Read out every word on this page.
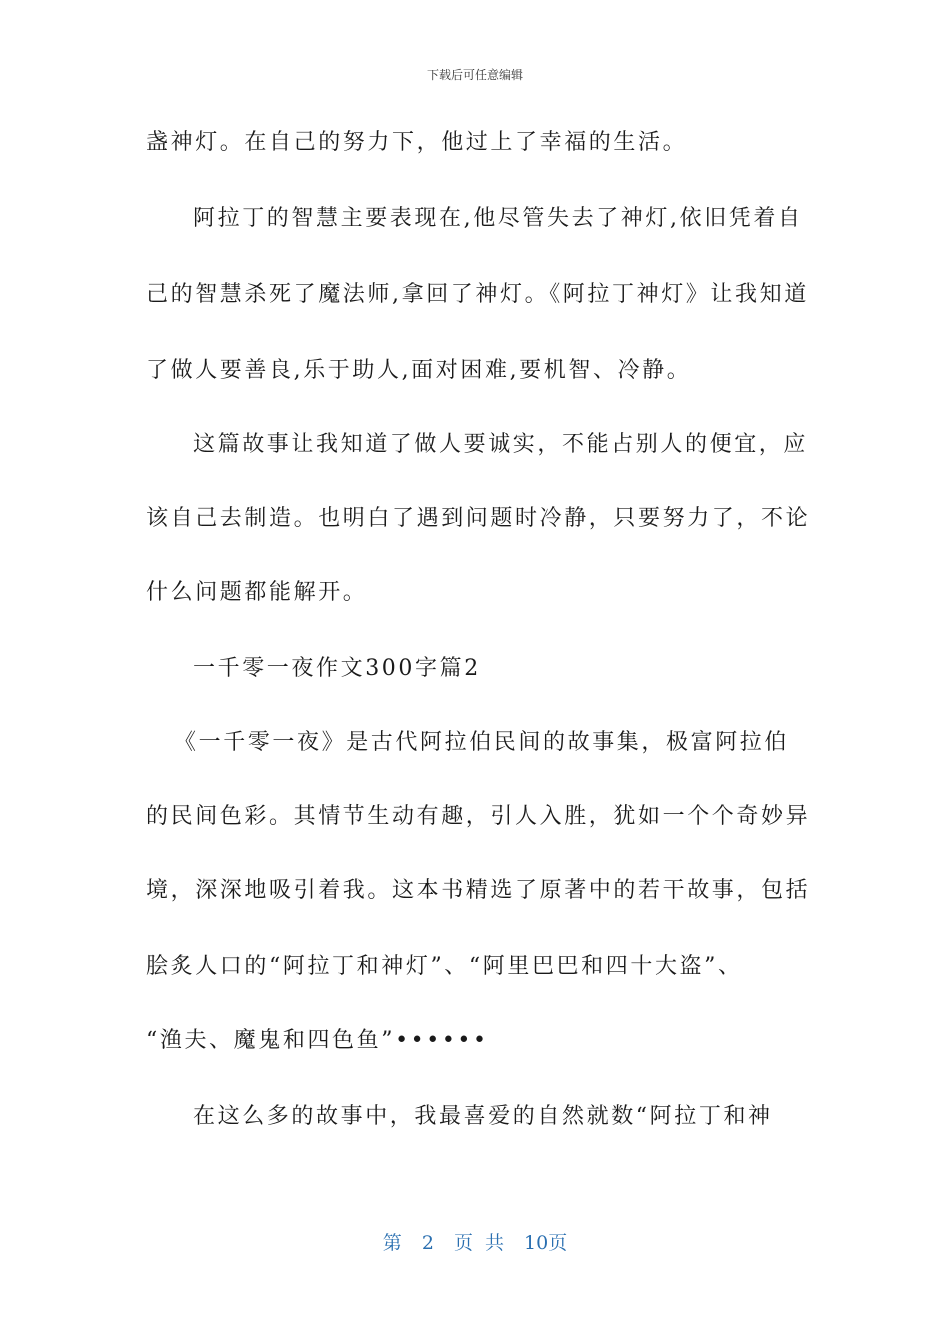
下载后可任意编辑
盏神灯。在自己的努力下，他过上了幸福的生活。
阿拉丁的智慧主要表现在,他尽管失去了神灯,依旧凭着自
己的智慧杀死了魔法师,拿回了神灯。《阿拉丁神灯》让我知道
了做人要善良,乐于助人,面对困难,要机智、冷静。
这篇故事让我知道了做人要诚实，不能占别人的便宜，应
该自己去制造。也明白了遇到问题时冷静，只要努力了，不论
什么问题都能解开。
一千零一夜作文300字篇2
《一千零一夜》是古代阿拉伯民间的故事集，极富阿拉伯
的民间色彩。其情节生动有趣，引人入胜，犹如一个个奇妙异
境，深深地吸引着我。这本书精选了原著中的若干故事，包括
脍炙人口的“阿拉丁和神灯”、“阿里巴巴和四十大盗”、
“渔夫、魔鬼和四色鱼”••••••
在这么多的故事中，我最喜爱的自然就数“阿拉丁和神
第 2 页 共 10页
